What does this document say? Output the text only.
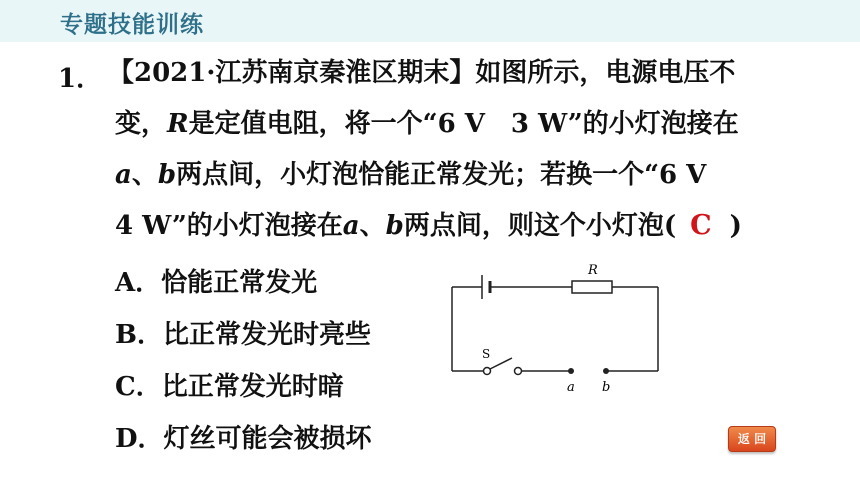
专题技能训练
1． 【2021·江苏南京秦淮区期末】如图所示，电源电压不
变，R是定值电阻，将一个“6 V　3 W”的小灯泡接在
a、b两点间，小灯泡恰能正常发光；若换一个“6 V
4 W”的小灯泡接在a、b两点间，则这个小灯泡( C )
A．恰能正常发光
B．比正常发光时亮些
C．比正常发光时暗
D．灯丝可能会被损坏
R
S
a b
返 回
